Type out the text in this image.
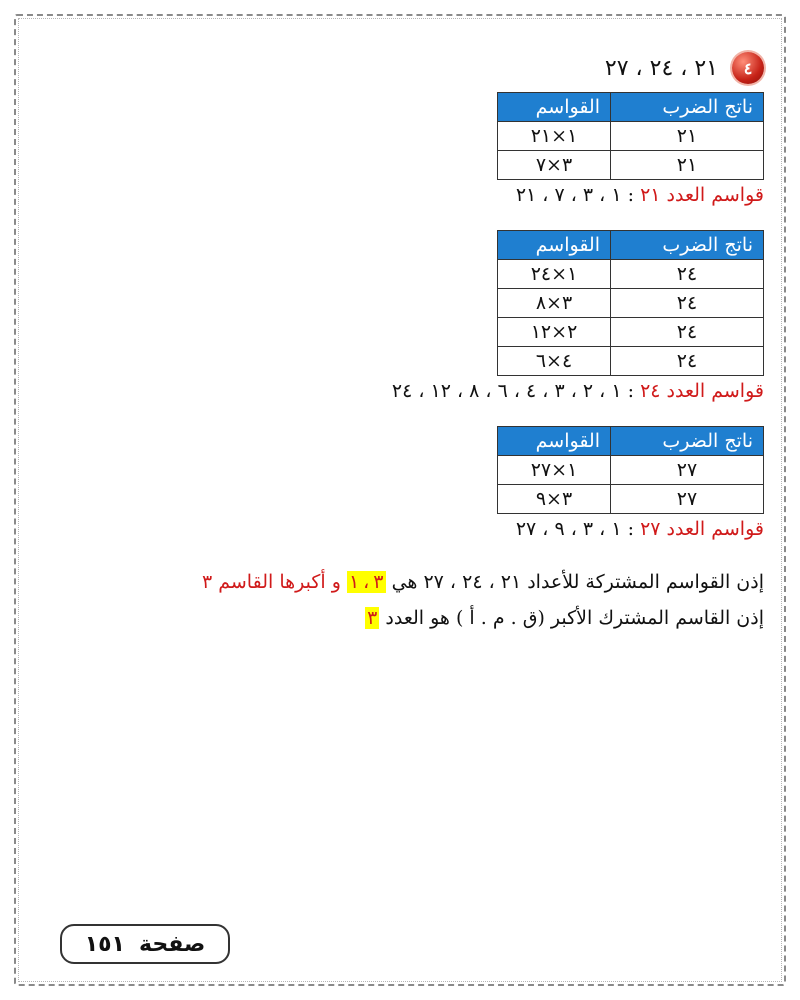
٤
٢١ ، ٢٤ ، ٢٧
ناتج الضرب	القواسم
٢١	١×٢١
٢١	٣×٧
قواسم العدد ٢١ : ١ ، ٣ ، ٧ ، ٢١
ناتج الضرب	القواسم
٢٤	١×٢٤
٢٤	٣×٨
٢٤	٢×١٢
٢٤	٤×٦
قواسم العدد ٢٤ : ١ ، ٢ ، ٣ ، ٤ ، ٦ ، ٨ ، ١٢ ، ٢٤
ناتج الضرب	القواسم
٢٧	١×٢٧
٢٧	٣×٩
قواسم العدد ٢٧ : ١ ، ٣ ، ٩ ، ٢٧
إذن القواسم المشتركة للأعداد ٢١ ، ٢٤ ، ٢٧ هي ١ ، ٣ و أكبرها القاسم ٣
إذن القاسم المشترك الأكبر (ق . م . أ ) هو العدد ٣
صفحة
١٥١
